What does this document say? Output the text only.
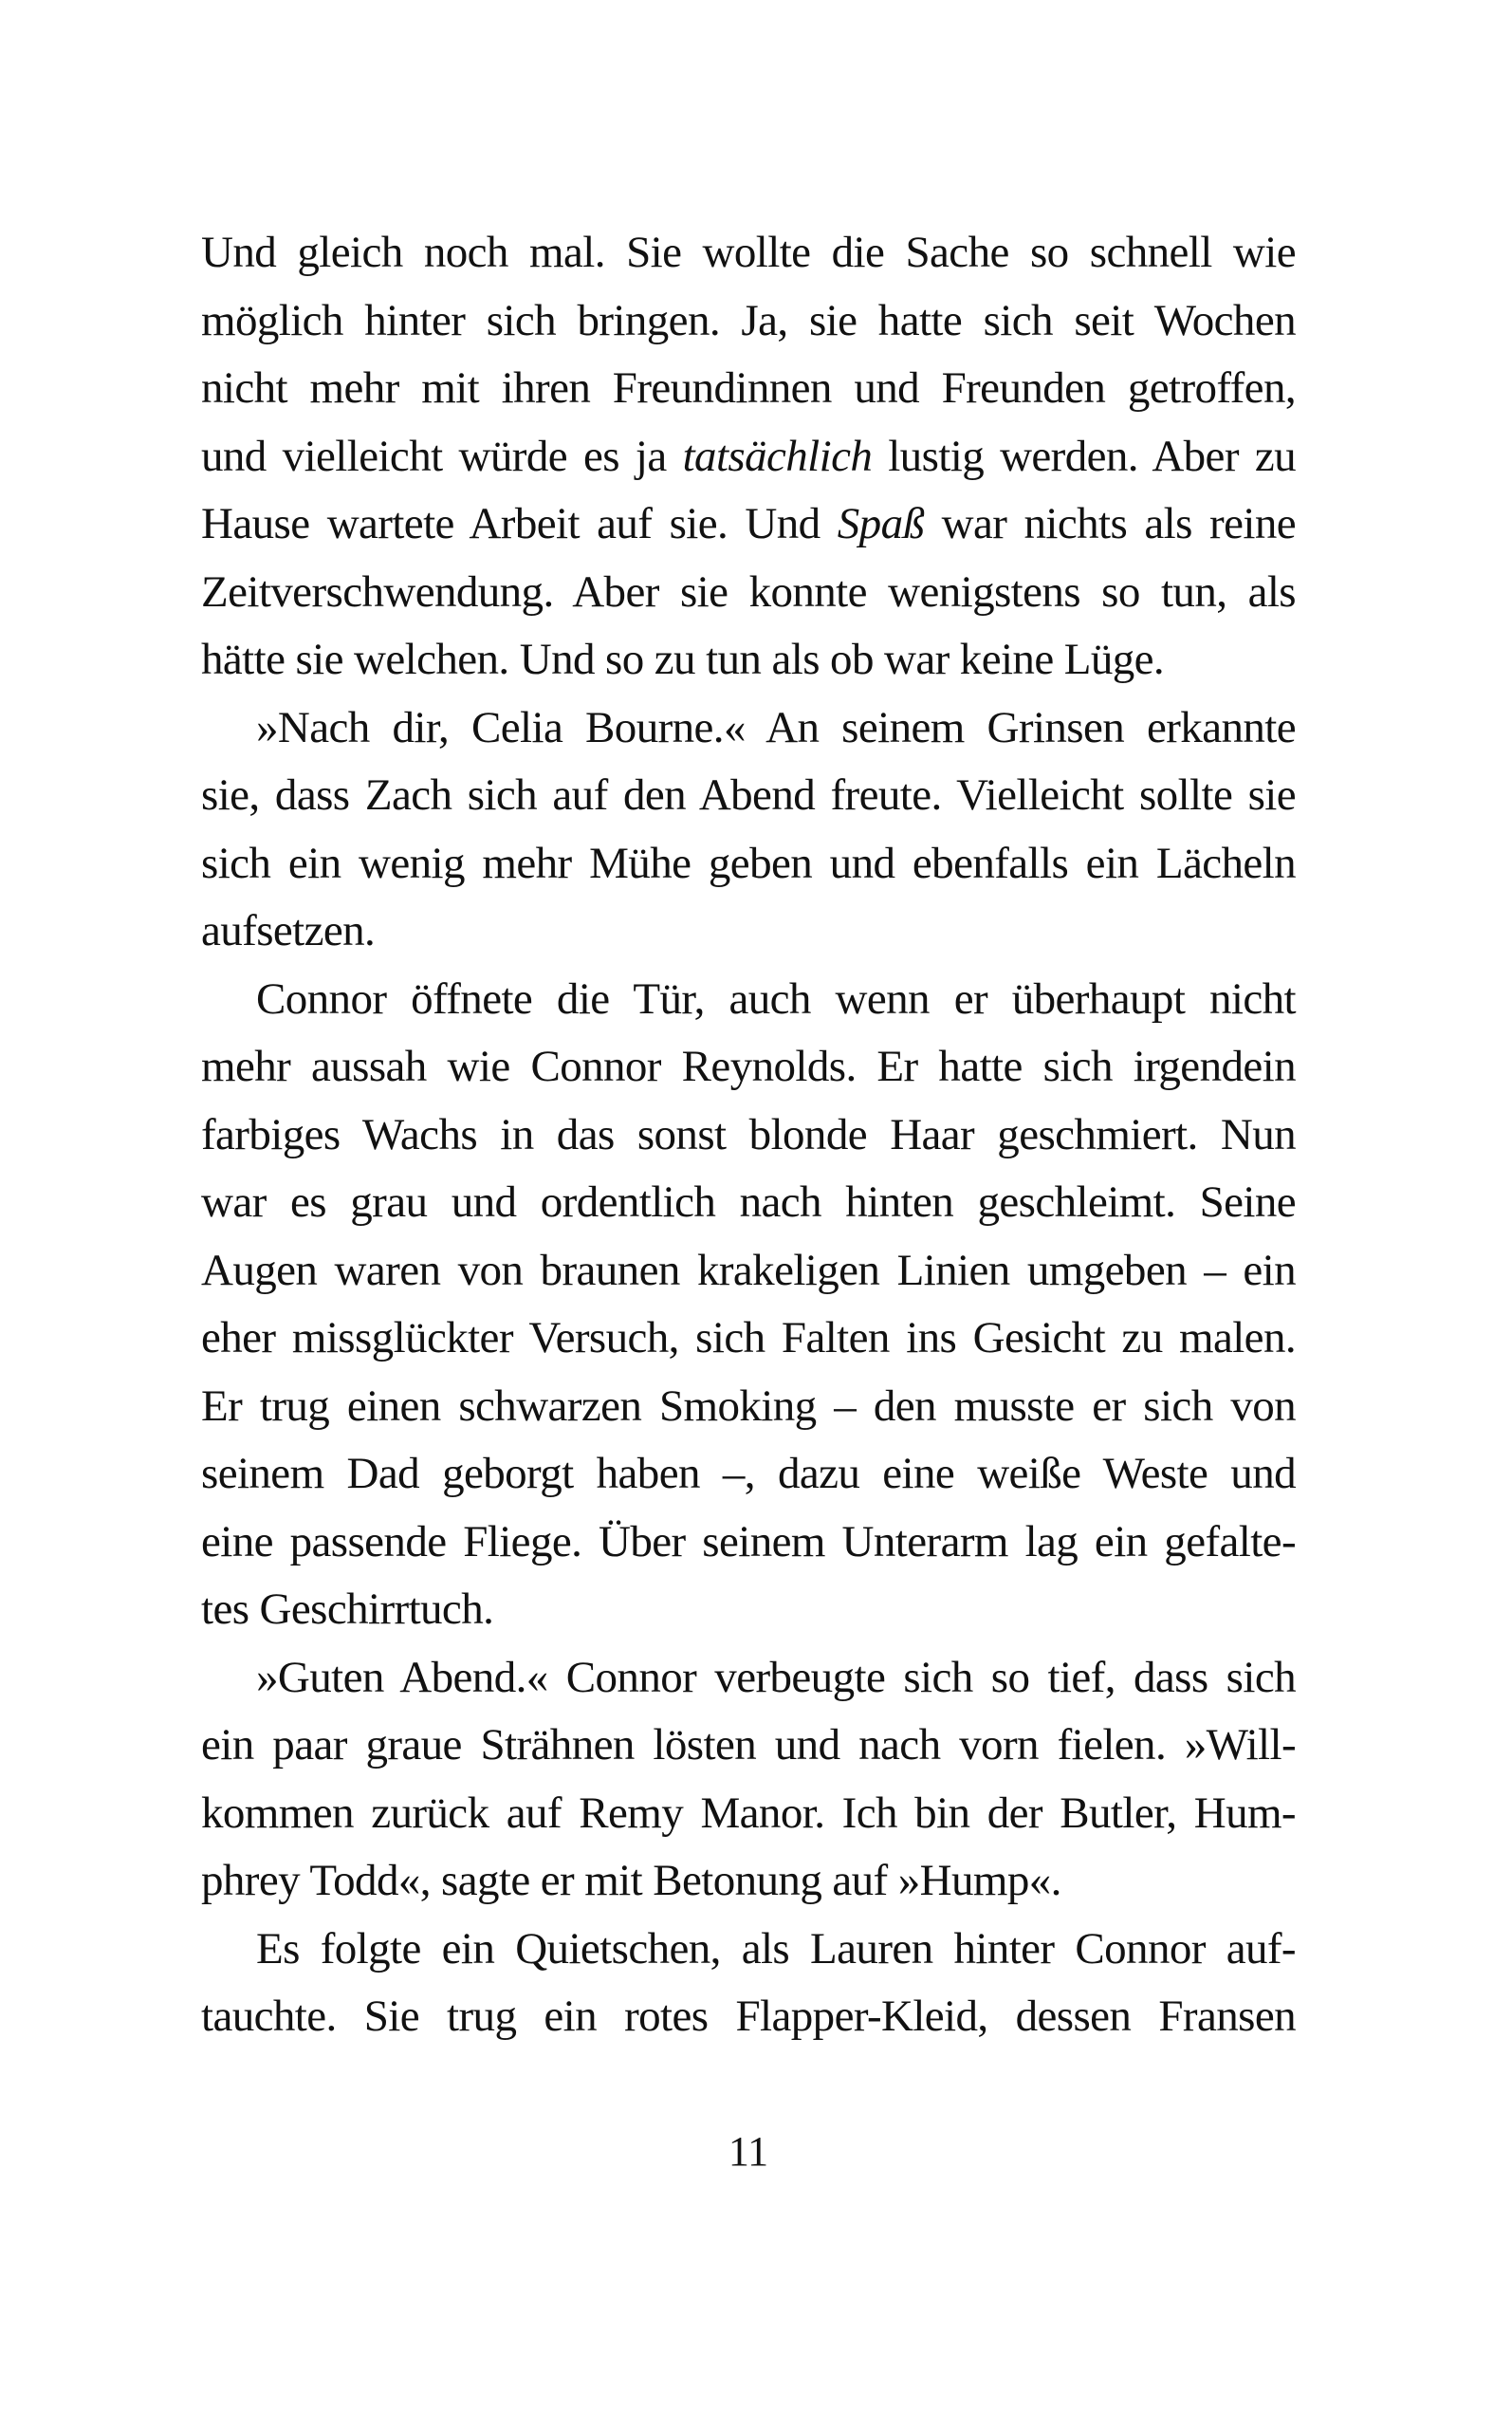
Und gleich noch mal. Sie wollte die Sache so schnell wie
möglich hinter sich bringen. Ja, sie hatte sich seit Wochen
nicht mehr mit ihren Freundinnen und Freunden getroffen,
und vielleicht würde es ja tatsächlich lustig werden. Aber zu
Hause wartete Arbeit auf sie. Und Spaß war nichts als reine
Zeitverschwendung. Aber sie konnte wenigstens so tun, als
hätte sie welchen. Und so zu tun als ob war keine Lüge.
»Nach dir, Celia Bourne.« An seinem Grinsen erkannte
sie, dass Zach sich auf den Abend freute. Vielleicht sollte sie
sich ein wenig mehr Mühe geben und ebenfalls ein Lächeln
aufsetzen.
Connor öffnete die Tür, auch wenn er überhaupt nicht
mehr aussah wie Connor Reynolds. Er hatte sich irgendein
farbiges Wachs in das sonst blonde Haar geschmiert. Nun
war es grau und ordentlich nach hinten geschleimt. Seine
Augen waren von braunen krakeligen Linien umgeben – ein
eher missglückter Versuch, sich Falten ins Gesicht zu malen.
Er trug einen schwarzen Smoking – den musste er sich von
seinem Dad geborgt haben –, dazu eine weiße Weste und
eine passende Fliege. Über seinem Unterarm lag ein gefalte-
tes Geschirrtuch.
»Guten Abend.« Connor verbeugte sich so tief, dass sich
ein paar graue Strähnen lösten und nach vorn fielen. »Will-
kommen zurück auf Remy Manor. Ich bin der Butler, Hum-
phrey Todd«, sagte er mit Betonung auf »Hump«.
Es folgte ein Quietschen, als Lauren hinter Connor auf-
tauchte. Sie trug ein rotes Flapper-Kleid, dessen Fransen
11
